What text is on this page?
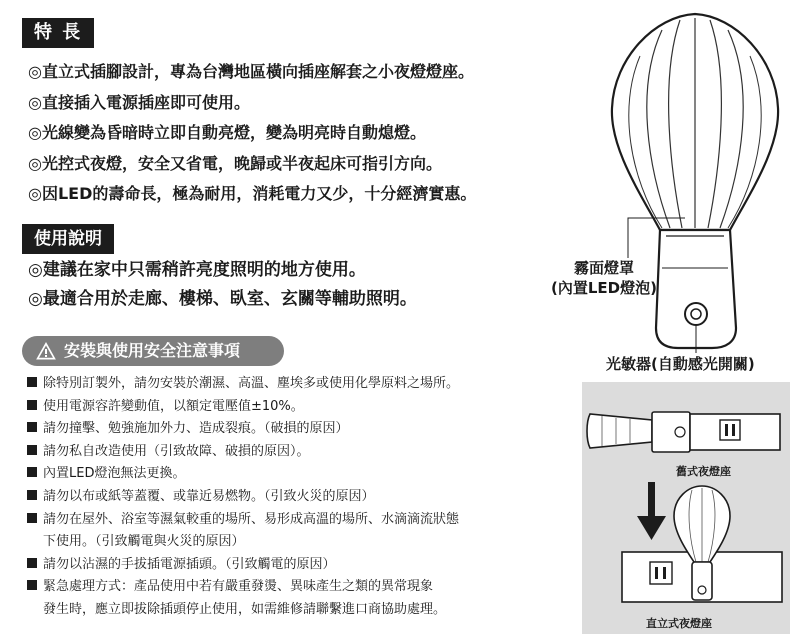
特 長
◎直立式插腳設計，專為台灣地區橫向插座解套之小夜燈燈座。
◎直接插入電源插座即可使用。
◎光線變為昏暗時立即自動亮燈，變為明亮時自動熄燈。
◎光控式夜燈，安全又省電，晚歸或半夜起床可指引方向。
◎因LED的壽命長，極為耐用，消耗電力又少，十分經濟實惠。
使用說明
◎建議在家中只需稍許亮度照明的地方使用。
◎最適合用於走廊、樓梯、臥室、玄關等輔助照明。
安裝與使用安全注意事項
除特別訂製外，請勿安裝於潮濕、高溫、塵埃多或使用化學原料之場所。
使用電源容許變動值，以額定電壓值±10%。
請勿撞擊、勉強施加外力、造成裂痕。（破損的原因）
請勿私自改造使用（引致故障、破損的原因）。
內置LED燈泡無法更換。
請勿以布或紙等蓋覆、或靠近易燃物。（引致火災的原因）
請勿在屋外、浴室等濕氣較重的場所、易形成高溫的場所、水滴滴流狀態
下使用。（引致觸電與火災的原因）
請勿以沾濕的手拔插電源插頭。（引致觸電的原因）
緊急處理方式：產品使用中若有嚴重發燙、異味產生之類的異常現象
發生時，應立即拔除插頭停止使用，如需維修請聯繫進口商協助處理。
霧面燈罩
(內置LED燈泡)
光敏器(自動感光開關)
舊式夜燈座
直立式夜燈座
